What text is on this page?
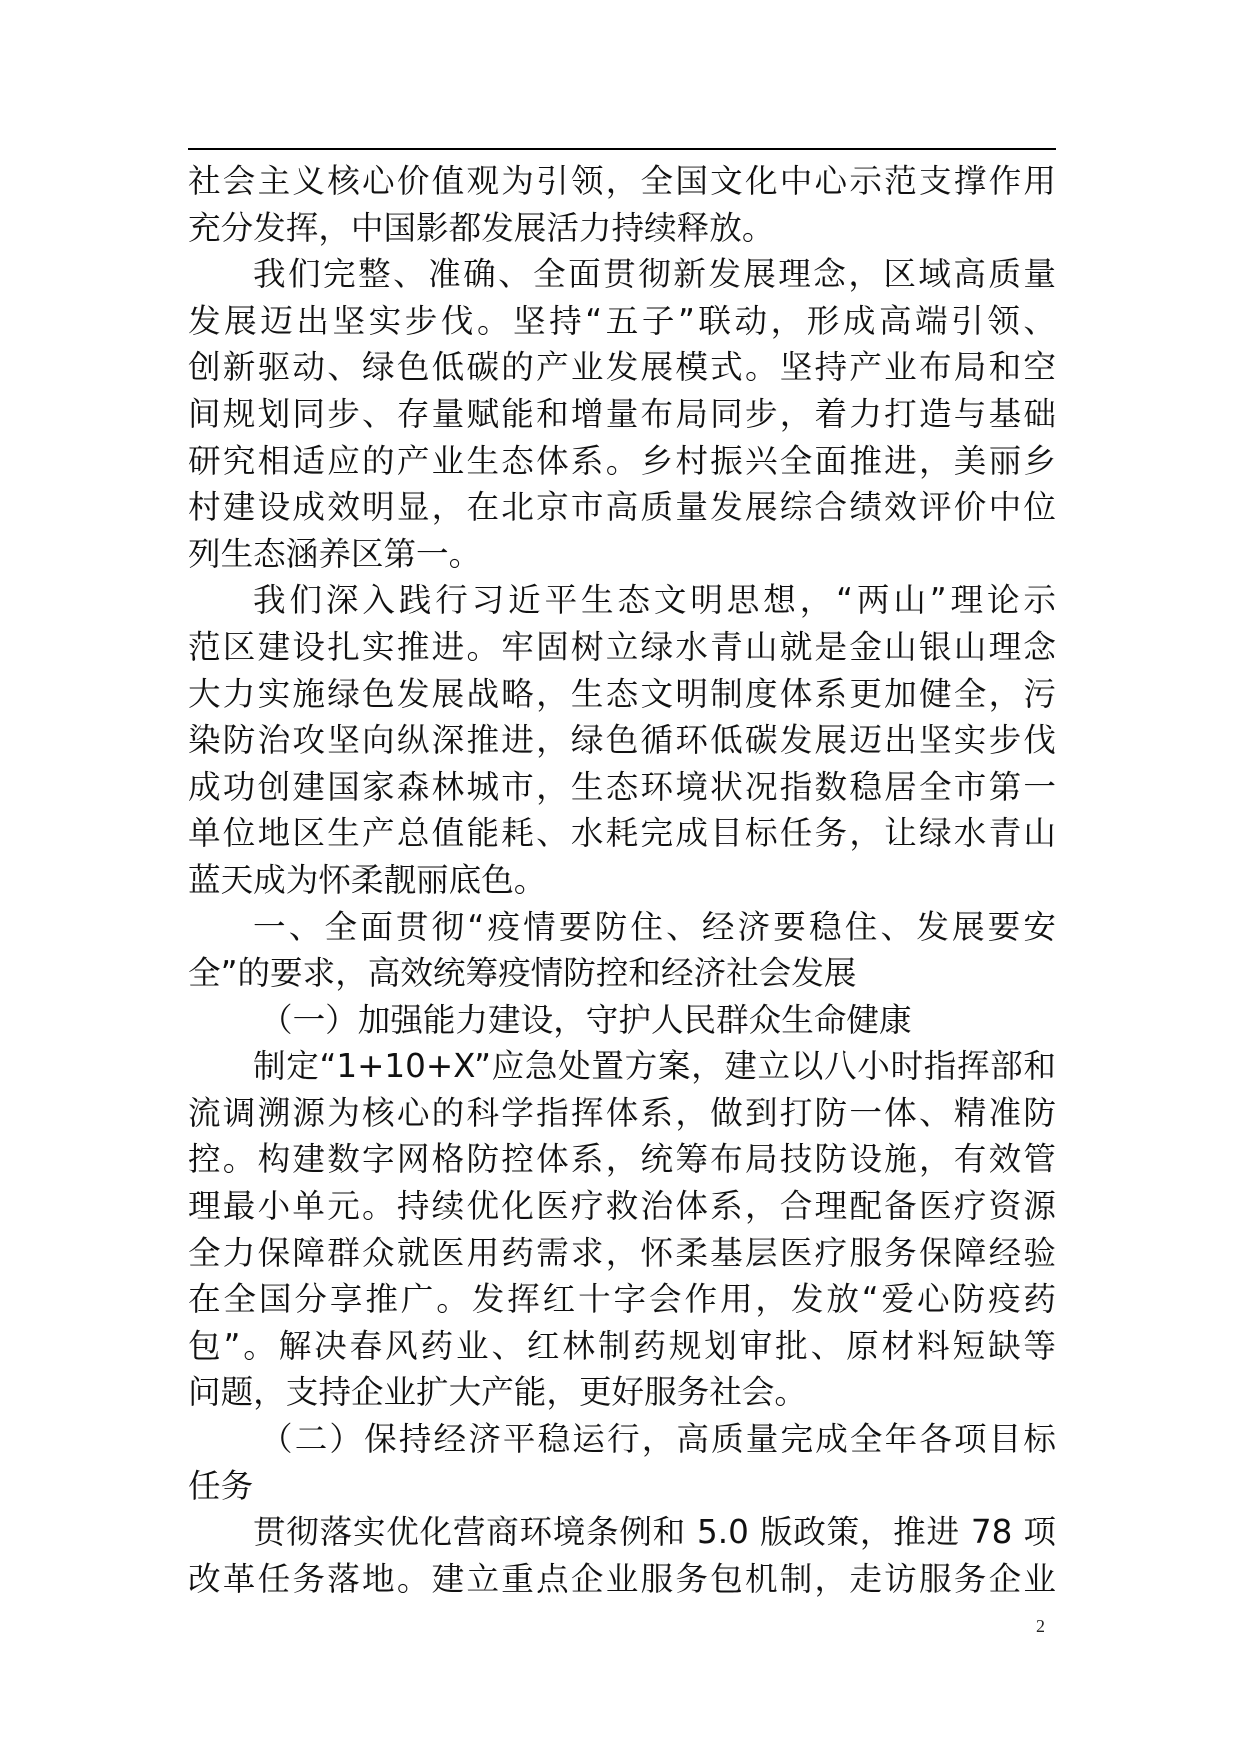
社会主义核心价值观为引领，全国文化中心示范支撑作用
充分发挥，中国影都发展活力持续释放。
我们完整、准确、全面贯彻新发展理念，区域高质量
发展迈出坚实步伐。坚持“五子”联动，形成高端引领、
创新驱动、绿色低碳的产业发展模式。坚持产业布局和空
间规划同步、存量赋能和增量布局同步，着力打造与基础
研究相适应的产业生态体系。乡村振兴全面推进，美丽乡
村建设成效明显，在北京市高质量发展综合绩效评价中位
列生态涵养区第一。
我们深入践行习近平生态文明思想，“两山”理论示
范区建设扎实推进。牢固树立绿水青山就是金山银山理念
大力实施绿色发展战略，生态文明制度体系更加健全，污
染防治攻坚向纵深推进，绿色循环低碳发展迈出坚实步伐
成功创建国家森林城市，生态环境状况指数稳居全市第一
单位地区生产总值能耗、水耗完成目标任务，让绿水青山
蓝天成为怀柔靓丽底色。
一、全面贯彻“疫情要防住、经济要稳住、发展要安
全”的要求，高效统筹疫情防控和经济社会发展
（一）加强能力建设，守护人民群众生命健康
制定“1+10+X”应急处置方案，建立以八小时指挥部和
流调溯源为核心的科学指挥体系，做到打防一体、精准防
控。构建数字网格防控体系，统筹布局技防设施，有效管
理最小单元。持续优化医疗救治体系，合理配备医疗资源
全力保障群众就医用药需求，怀柔基层医疗服务保障经验
在全国分享推广。发挥红十字会作用，发放“爱心防疫药
包”。解决春风药业、红林制药规划审批、原材料短缺等
问题，支持企业扩大产能，更好服务社会。
（二）保持经济平稳运行，高质量完成全年各项目标
任务
贯彻落实优化营商环境条例和 5.0 版政策，推进 78 项
改革任务落地。建立重点企业服务包机制，走访服务企业
2
